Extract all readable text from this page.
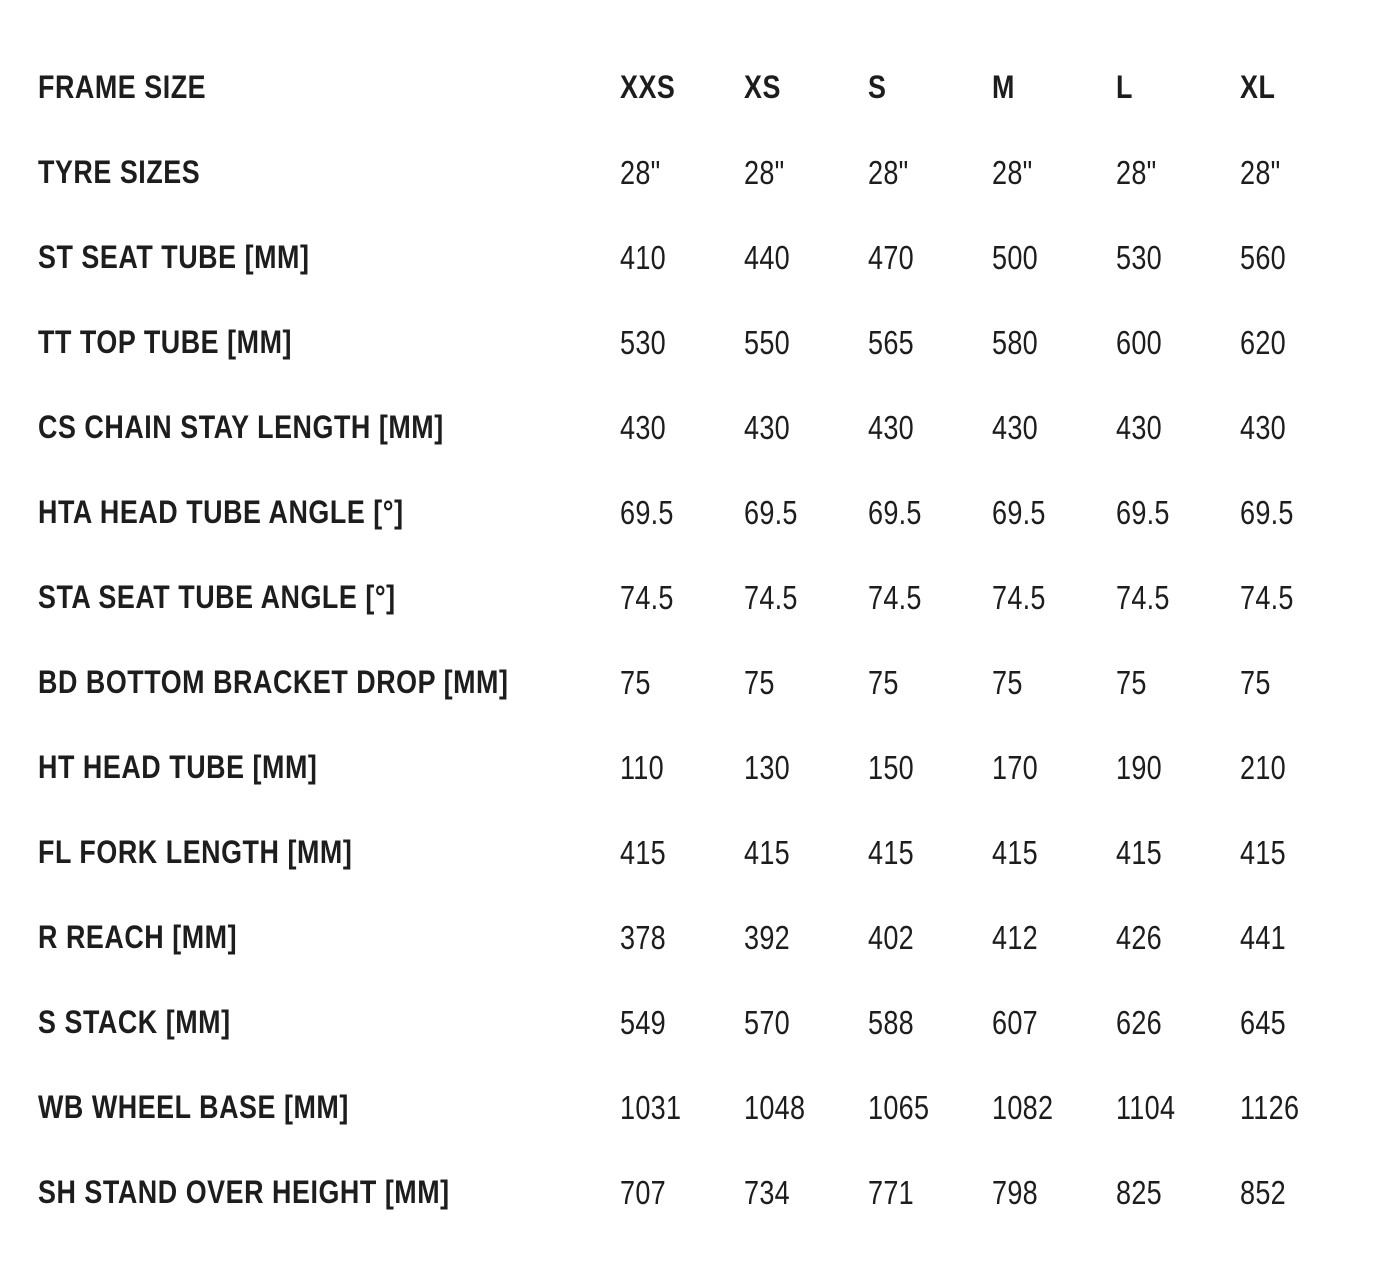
FRAME SIZE	XXS XS	S	M	L	XL
TYRE SIZES	28"	28"	28"	28"	28"	28"
ST SEAT TUBE [MM]	410 440 470 500 530 560
TT TOP TUBE [MM]	530 550 565 580 600 620
CS CHAIN STAY LENGTH [MM]	430 430 430 430 430 430
HTA HEAD TUBE ANGLE [°]	69.5 69.5 69.5 69.5 69.5 69.5
STA SEAT TUBE ANGLE [°]	74.5 74.5 74.5 74.5 74.5 74.5
BD BOTTOM BRACKET DROP [MM]	75	75	75	75	75	75
HT HEAD TUBE [MM]	110 130 150 170 190 210
FL FORK LENGTH [MM]	415 415 415 415 415 415
R REACH [MM]	378 392 402 412 426 441
S STACK [MM]	549 570 588 607 626 645
WB WHEEL BASE [MM]	1031 1048 1065 1082 1104 1126
SH STAND OVER HEIGHT [MM]	707 734 771 798 825 852
